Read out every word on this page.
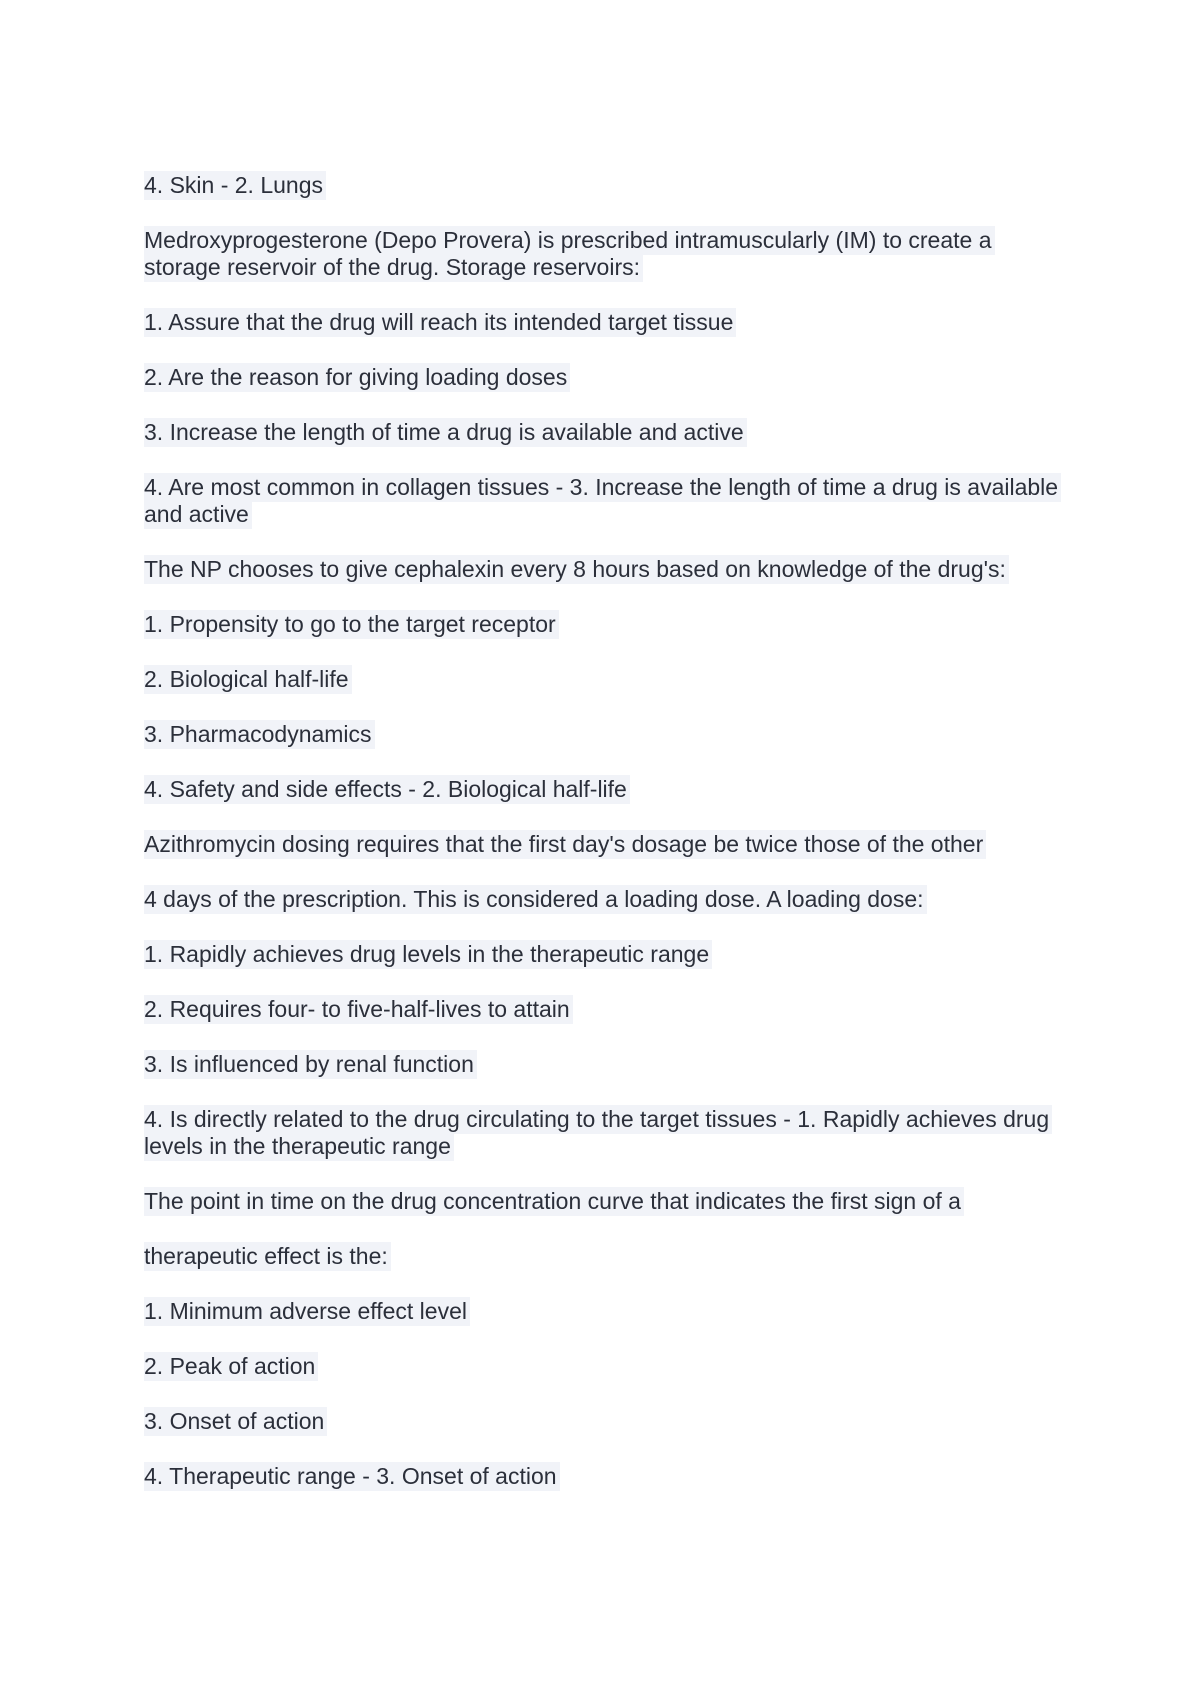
4. Skin - 2. Lungs

Medroxyprogesterone (Depo Provera) is prescribed intramuscularly (IM) to create a storage reservoir of the drug. Storage reservoirs:

1. Assure that the drug will reach its intended target tissue

2. Are the reason for giving loading doses

3. Increase the length of time a drug is available and active

4. Are most common in collagen tissues - 3. Increase the length of time a drug is available and active

The NP chooses to give cephalexin every 8 hours based on knowledge of the drug's:

1. Propensity to go to the target receptor

2. Biological half-life

3. Pharmacodynamics

4. Safety and side effects - 2. Biological half-life

Azithromycin dosing requires that the first day's dosage be twice those of the other

4 days of the prescription. This is considered a loading dose. A loading dose:

1. Rapidly achieves drug levels in the therapeutic range

2. Requires four- to five-half-lives to attain

3. Is influenced by renal function

4. Is directly related to the drug circulating to the target tissues - 1. Rapidly achieves drug levels in the therapeutic range

The point in time on the drug concentration curve that indicates the first sign of a

therapeutic effect is the:

1. Minimum adverse effect level

2. Peak of action

3. Onset of action

4. Therapeutic range - 3. Onset of action
